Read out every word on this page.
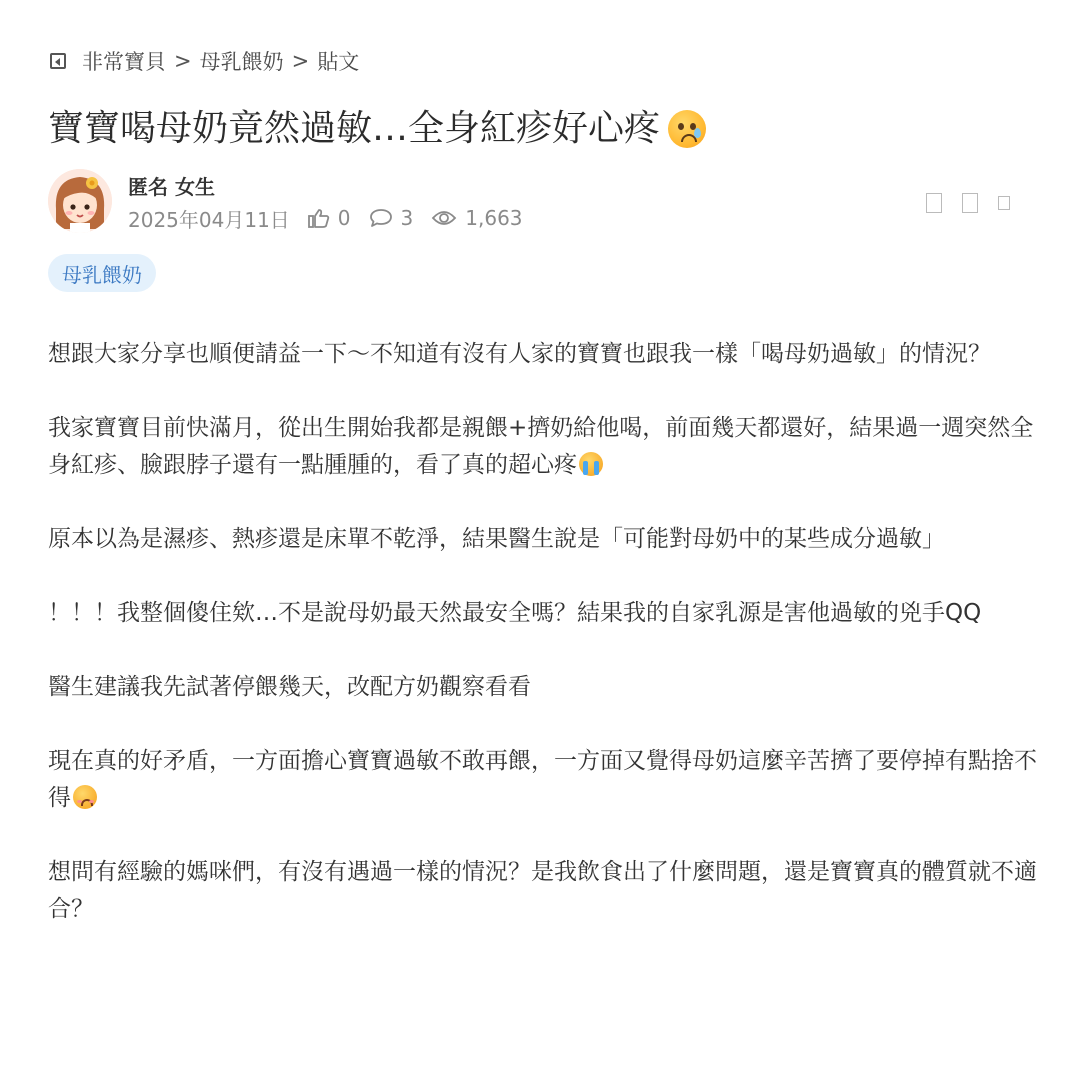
非常寶貝 > 母乳餵奶 > 貼文
寶寶喝母奶竟然過敏…全身紅疹好心疼
匿名 女生
2025年04月11日 0	3	1,663
母乳餵奶

想跟大家分享也順便請益一下～不知道有沒有人家的寶寶也跟我一樣「喝母奶過敏」的情況？

我家寶寶目前快滿月，從出生開始我都是親餵+擠奶給他喝，前面幾天都還好，結果過一週突然全身紅疹、臉跟脖子還有一點腫腫的，看了真的超心疼

原本以為是濕疹、熱疹還是床單不乾淨，結果醫生說是「可能對母奶中的某些成分過敏」

！！！我整個傻住欸…不是說母奶最天然最安全嗎？結果我的自家乳源是害他過敏的兇手QQ

醫生建議我先試著停餵幾天，改配方奶觀察看看

現在真的好矛盾，一方面擔心寶寶過敏不敢再餵，一方面又覺得母奶這麼辛苦擠了要停掉有點捨不得

想問有經驗的媽咪們，有沒有遇過一樣的情況？是我飲食出了什麼問題，還是寶寶真的體質就不適合？
